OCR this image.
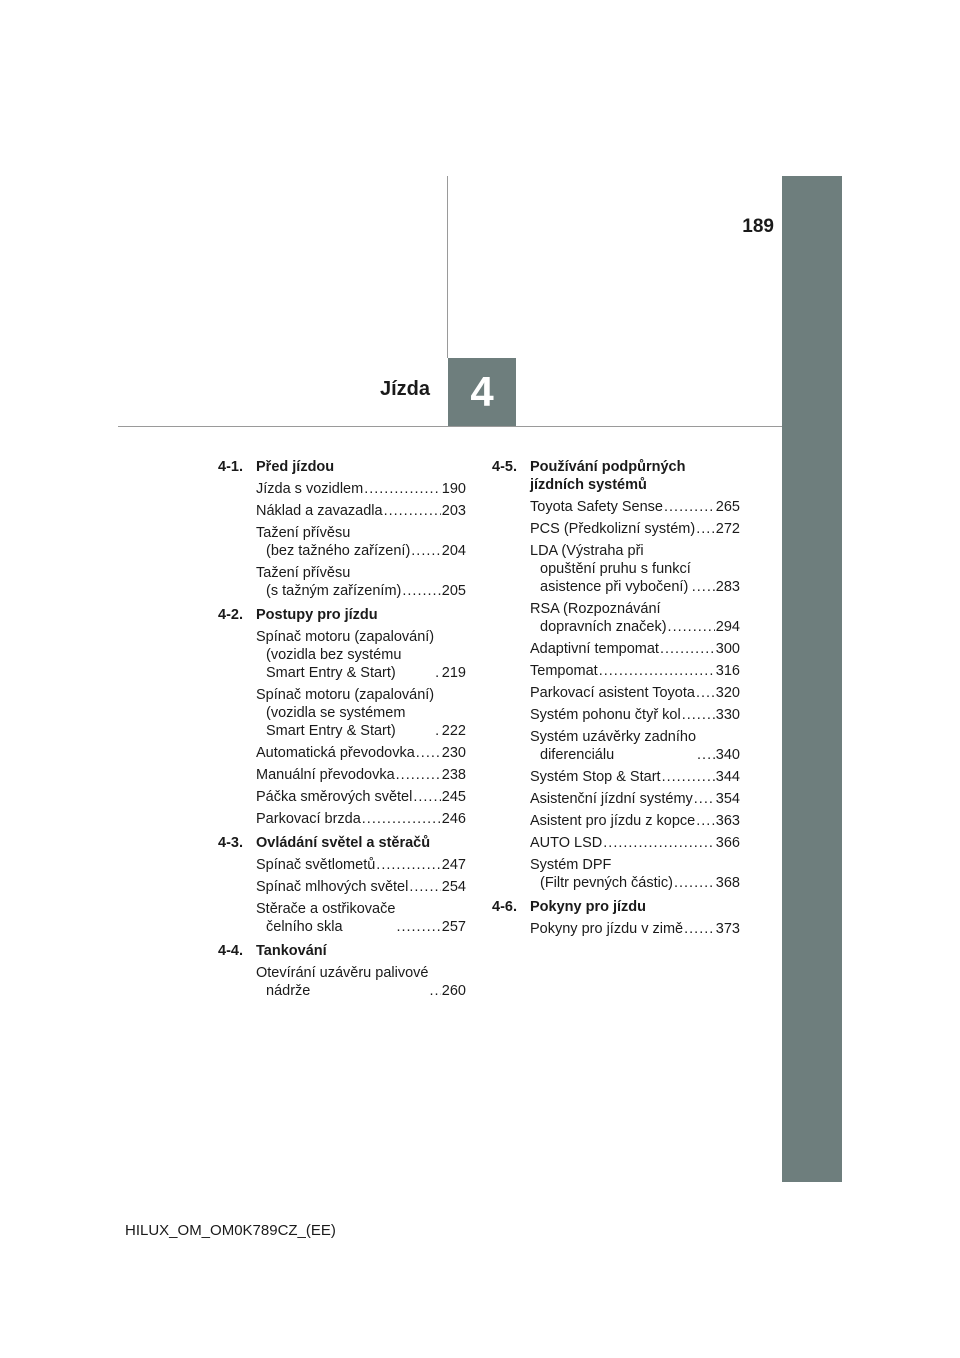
189
4
Jízda
4-1. Před jízdou
Jízda s vozidlem .....	190
Náklad a zavazadla .....	203
Tažení přívěsu
(bez tažného zařízení) ..... 204
Tažení přívěsu
(s tažným zařízením) .....	205
4-2. Postupy pro jízdu
Spínač motoru (zapalování)
(vozidla bez systému
Smart Entry & Start) .....	219
Spínač motoru (zapalování)
(vozidla se systémem
Smart Entry & Start) .....	222
Automatická převodovka ..... 230
Manuální převodovka .....	238
Páčka směrových světel ..... 245
Parkovací brzda .....	246
4-3. Ovládání světel a stěračů
Spínač světlometů .....	247
Spínač mlhových světel ..... 254
Stěrače a ostřikovače
čelního skla .....	257
4-4. Tankování
Otevírání uzávěru palivové
nádrže .....	260
4-5. Používání podpůrných jízdních systémů
Toyota Safety Sense .....	265
PCS (Předkolizní systém) ..... 272
LDA (Výstraha při
opuštění pruhu s funkcí
asistence při vybočení) ..... 283
RSA (Rozpoznávání
dopravních značek) .....	294
Adaptivní tempomat .....	300
Tempomat .....	316
Parkovací asistent Toyota ..... 320
Systém pohonu čtyř kol ..... 330
Systém uzávěrky zadního
diferenciálu .....	340
Systém Stop & Start .....	344
Asistenční jízdní systémy ..... 354
Asistent pro jízdu z kopce ..... 363
AUTO LSD .....	366
Systém DPF
(Filtr pevných částic) .....	368
4-6. Pokyny pro jízdu
Pokyny pro jízdu v zimě ..... 373
HILUX_OM_OM0K789CZ_(EE)
